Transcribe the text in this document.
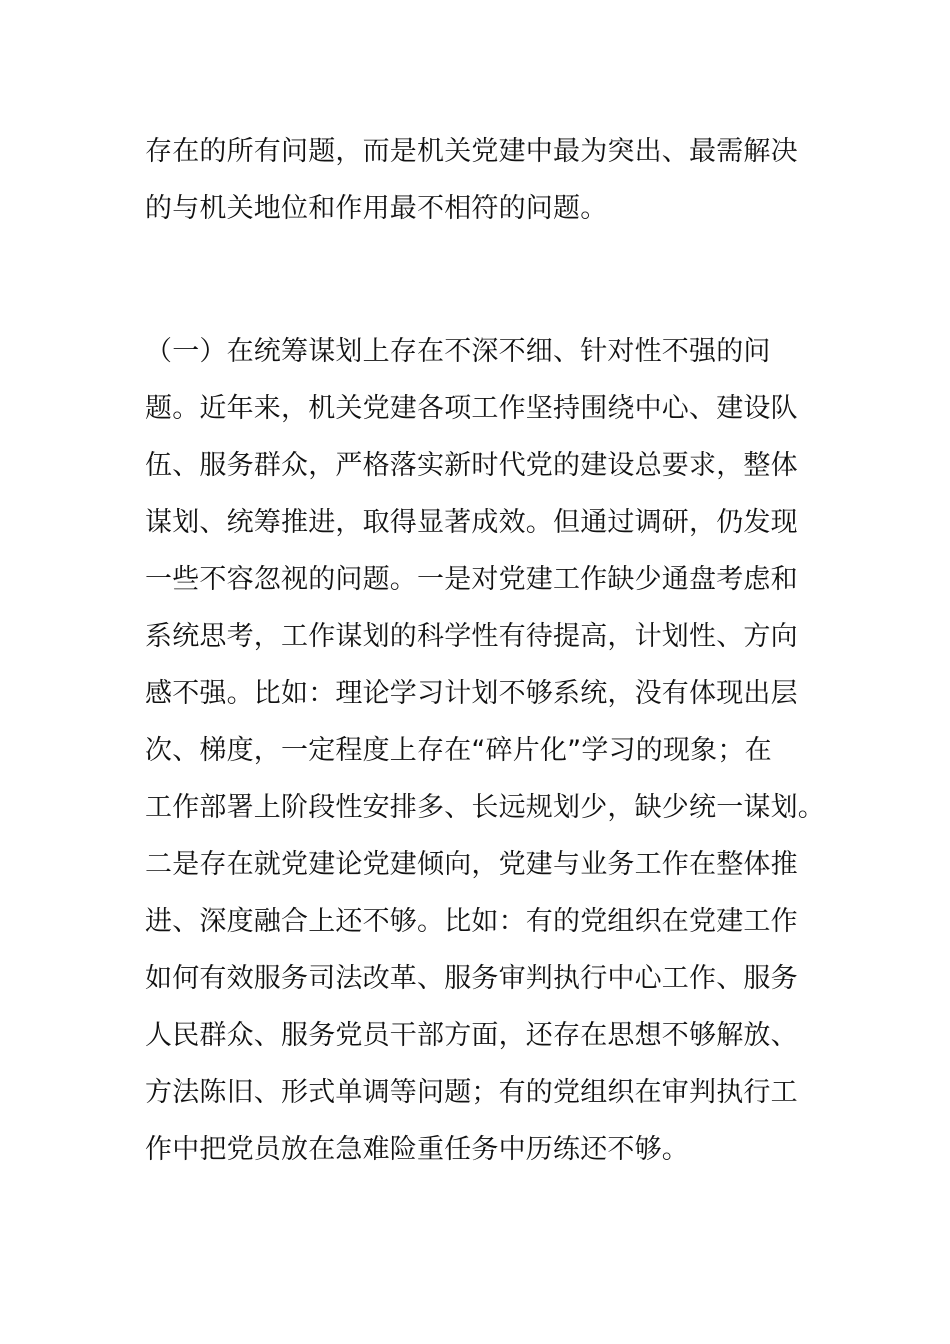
存在的所有问题，而是机关党建中最为突出、最需解决

的与机关地位和作用最不相符的问题。

（一）在统筹谋划上存在不深不细、针对性不强的问

题。近年来，机关党建各项工作坚持围绕中心、建设队

伍、服务群众，严格落实新时代党的建设总要求，整体

谋划、统筹推进，取得显著成效。但通过调研，仍发现

一些不容忽视的问题。一是对党建工作缺少通盘考虑和

系统思考，工作谋划的科学性有待提高，计划性、方向

感不强。比如：理论学习计划不够系统，没有体现出层

次、梯度，一定程度上存在“碎片化”学习的现象；在

工作部署上阶段性安排多、长远规划少，缺少统一谋划。

二是存在就党建论党建倾向，党建与业务工作在整体推

进、深度融合上还不够。比如：有的党组织在党建工作

如何有效服务司法改革、服务审判执行中心工作、服务

人民群众、服务党员干部方面，还存在思想不够解放、

方法陈旧、形式单调等问题；有的党组织在审判执行工

作中把党员放在急难险重任务中历练还不够。
